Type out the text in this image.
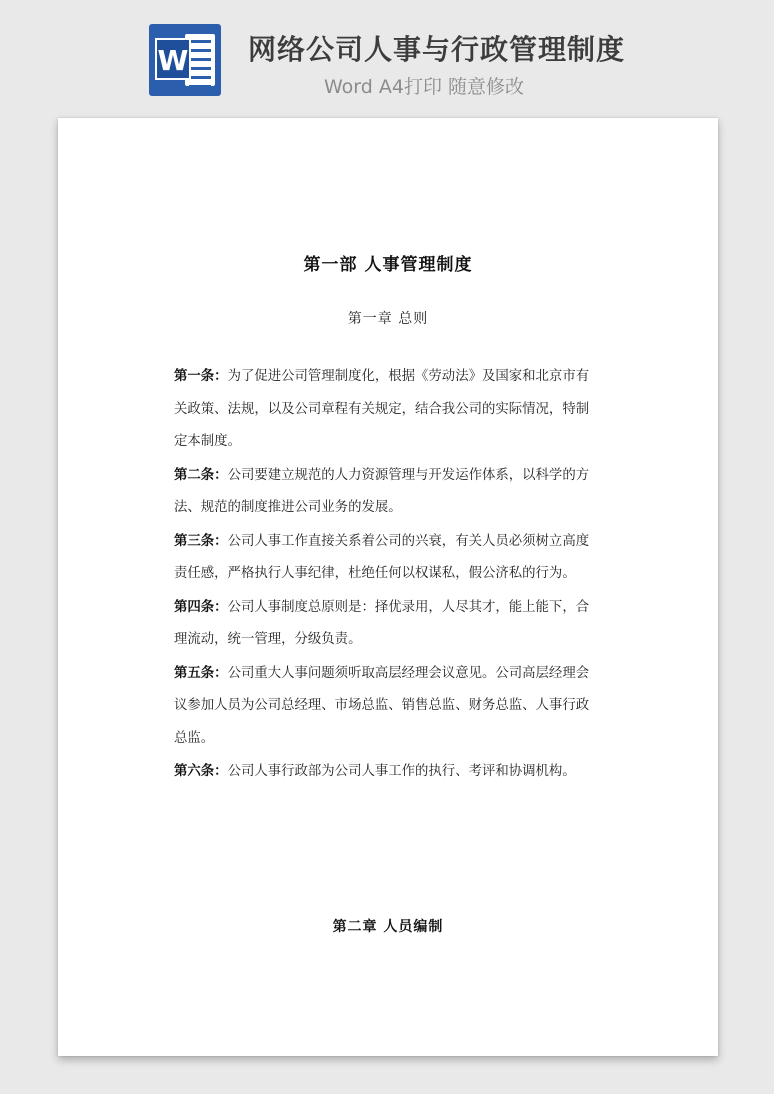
W 网络公司人事与行政管理制度
Word A4打印 随意修改
第一部 人事管理制度
第一章 总则

第一条：为了促进公司管理制度化，根据《劳动法》及国家和北京市有关政策、法规，以及公司章程有关规定，结合我公司的实际情况，特制定本制度。

第二条：公司要建立规范的人力资源管理与开发运作体系，以科学的方法、规范的制度推进公司业务的发展。

第三条：公司人事工作直接关系着公司的兴衰，有关人员必须树立高度责任感，严格执行人事纪律，杜绝任何以权谋私，假公济私的行为。

第四条：公司人事制度总原则是：择优录用，人尽其才，能上能下，合理流动，统一管理，分级负责。

第五条：公司重大人事问题须听取高层经理会议意见。公司高层经理会议参加人员为公司总经理、市场总监、销售总监、财务总监、人事行政总监。

第六条：公司人事行政部为公司人事工作的执行、考评和协调机构。

第二章 人员编制
